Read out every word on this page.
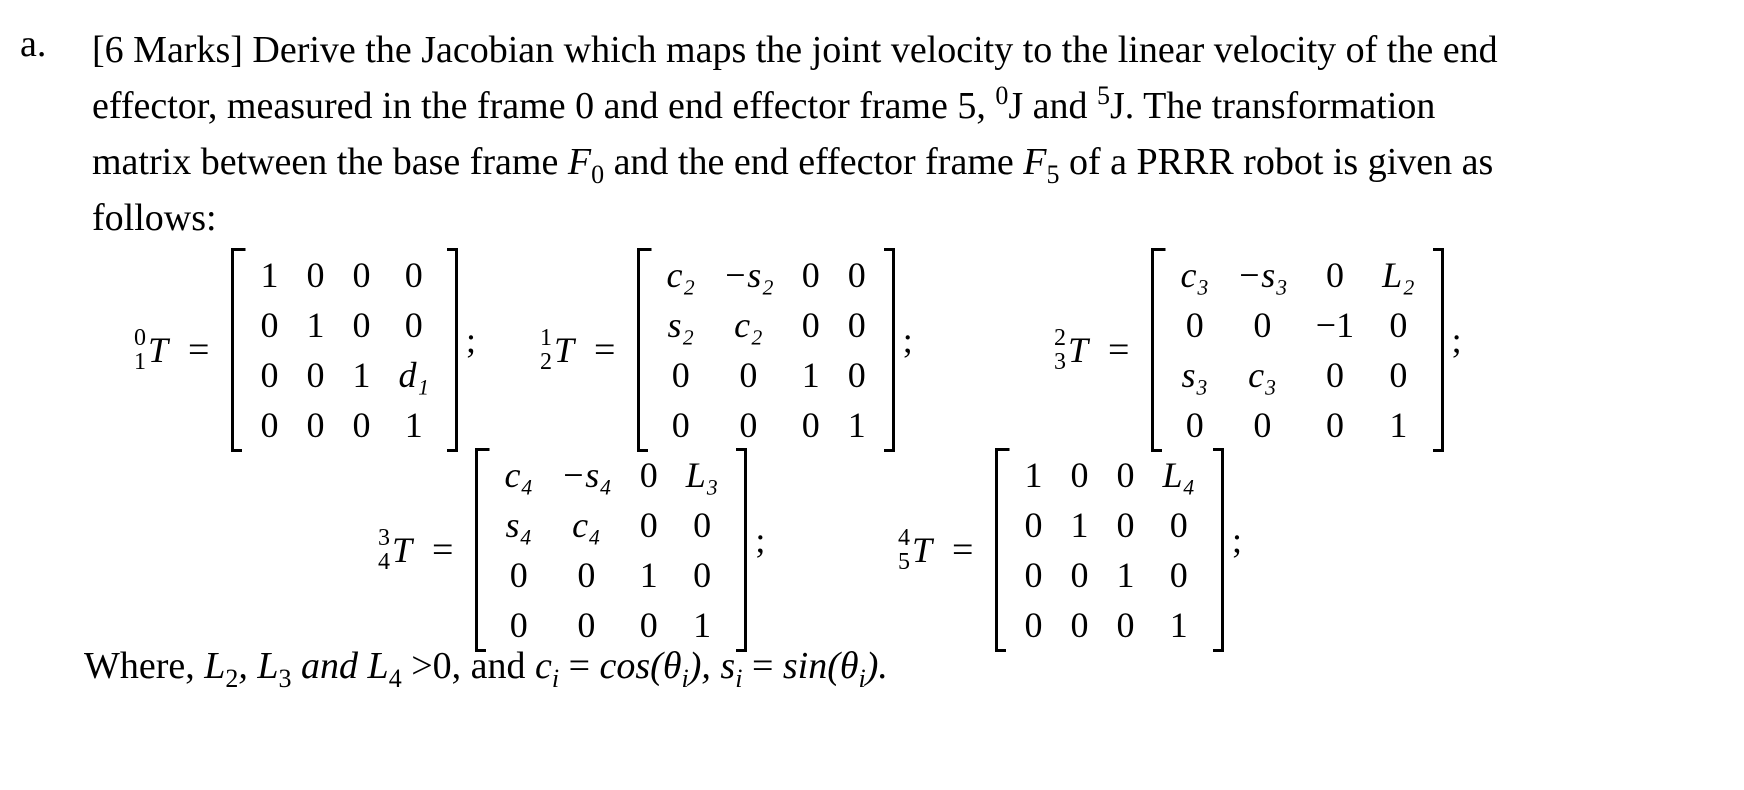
a. [6 Marks] Derive the Jacobian which maps the joint velocity to the linear velocity of the end
effector, measured in the frame 0 and end effector frame 5, $^0$J and $^5$J. The transformation
matrix between the base frame $F_0$ and the end effector frame $F_5$ of a PRRR robot is given as
follows:
0
1 T =
1	0	0	0
0	1	0	0
0	0	1	d₁
0	0	0	1
;	1
2 T =
c₂	−s₂	0	0
s₂	c₂	0	0
0	0	1	0
0	0	0	1
;	2
3 T =
c₃	−s₃	0	L₂
0	0	−1	0
s₃	c₃	0	0
0	0	0	1
;
3
4 T =
c₄	−s₄	0	L₃
s₄	c₄	0	0
0	0	1	0
0	0	0	1
;	4
5 T =
1	0	0	L₄
0	1	0	0
0	0	1	0
0	0	0	1
;
Where, $L_2$, $L_3$ and $L_4 >0$, and $c_i = \cos(\theta_i)$, $s_i = \sin(\theta_i)$.
